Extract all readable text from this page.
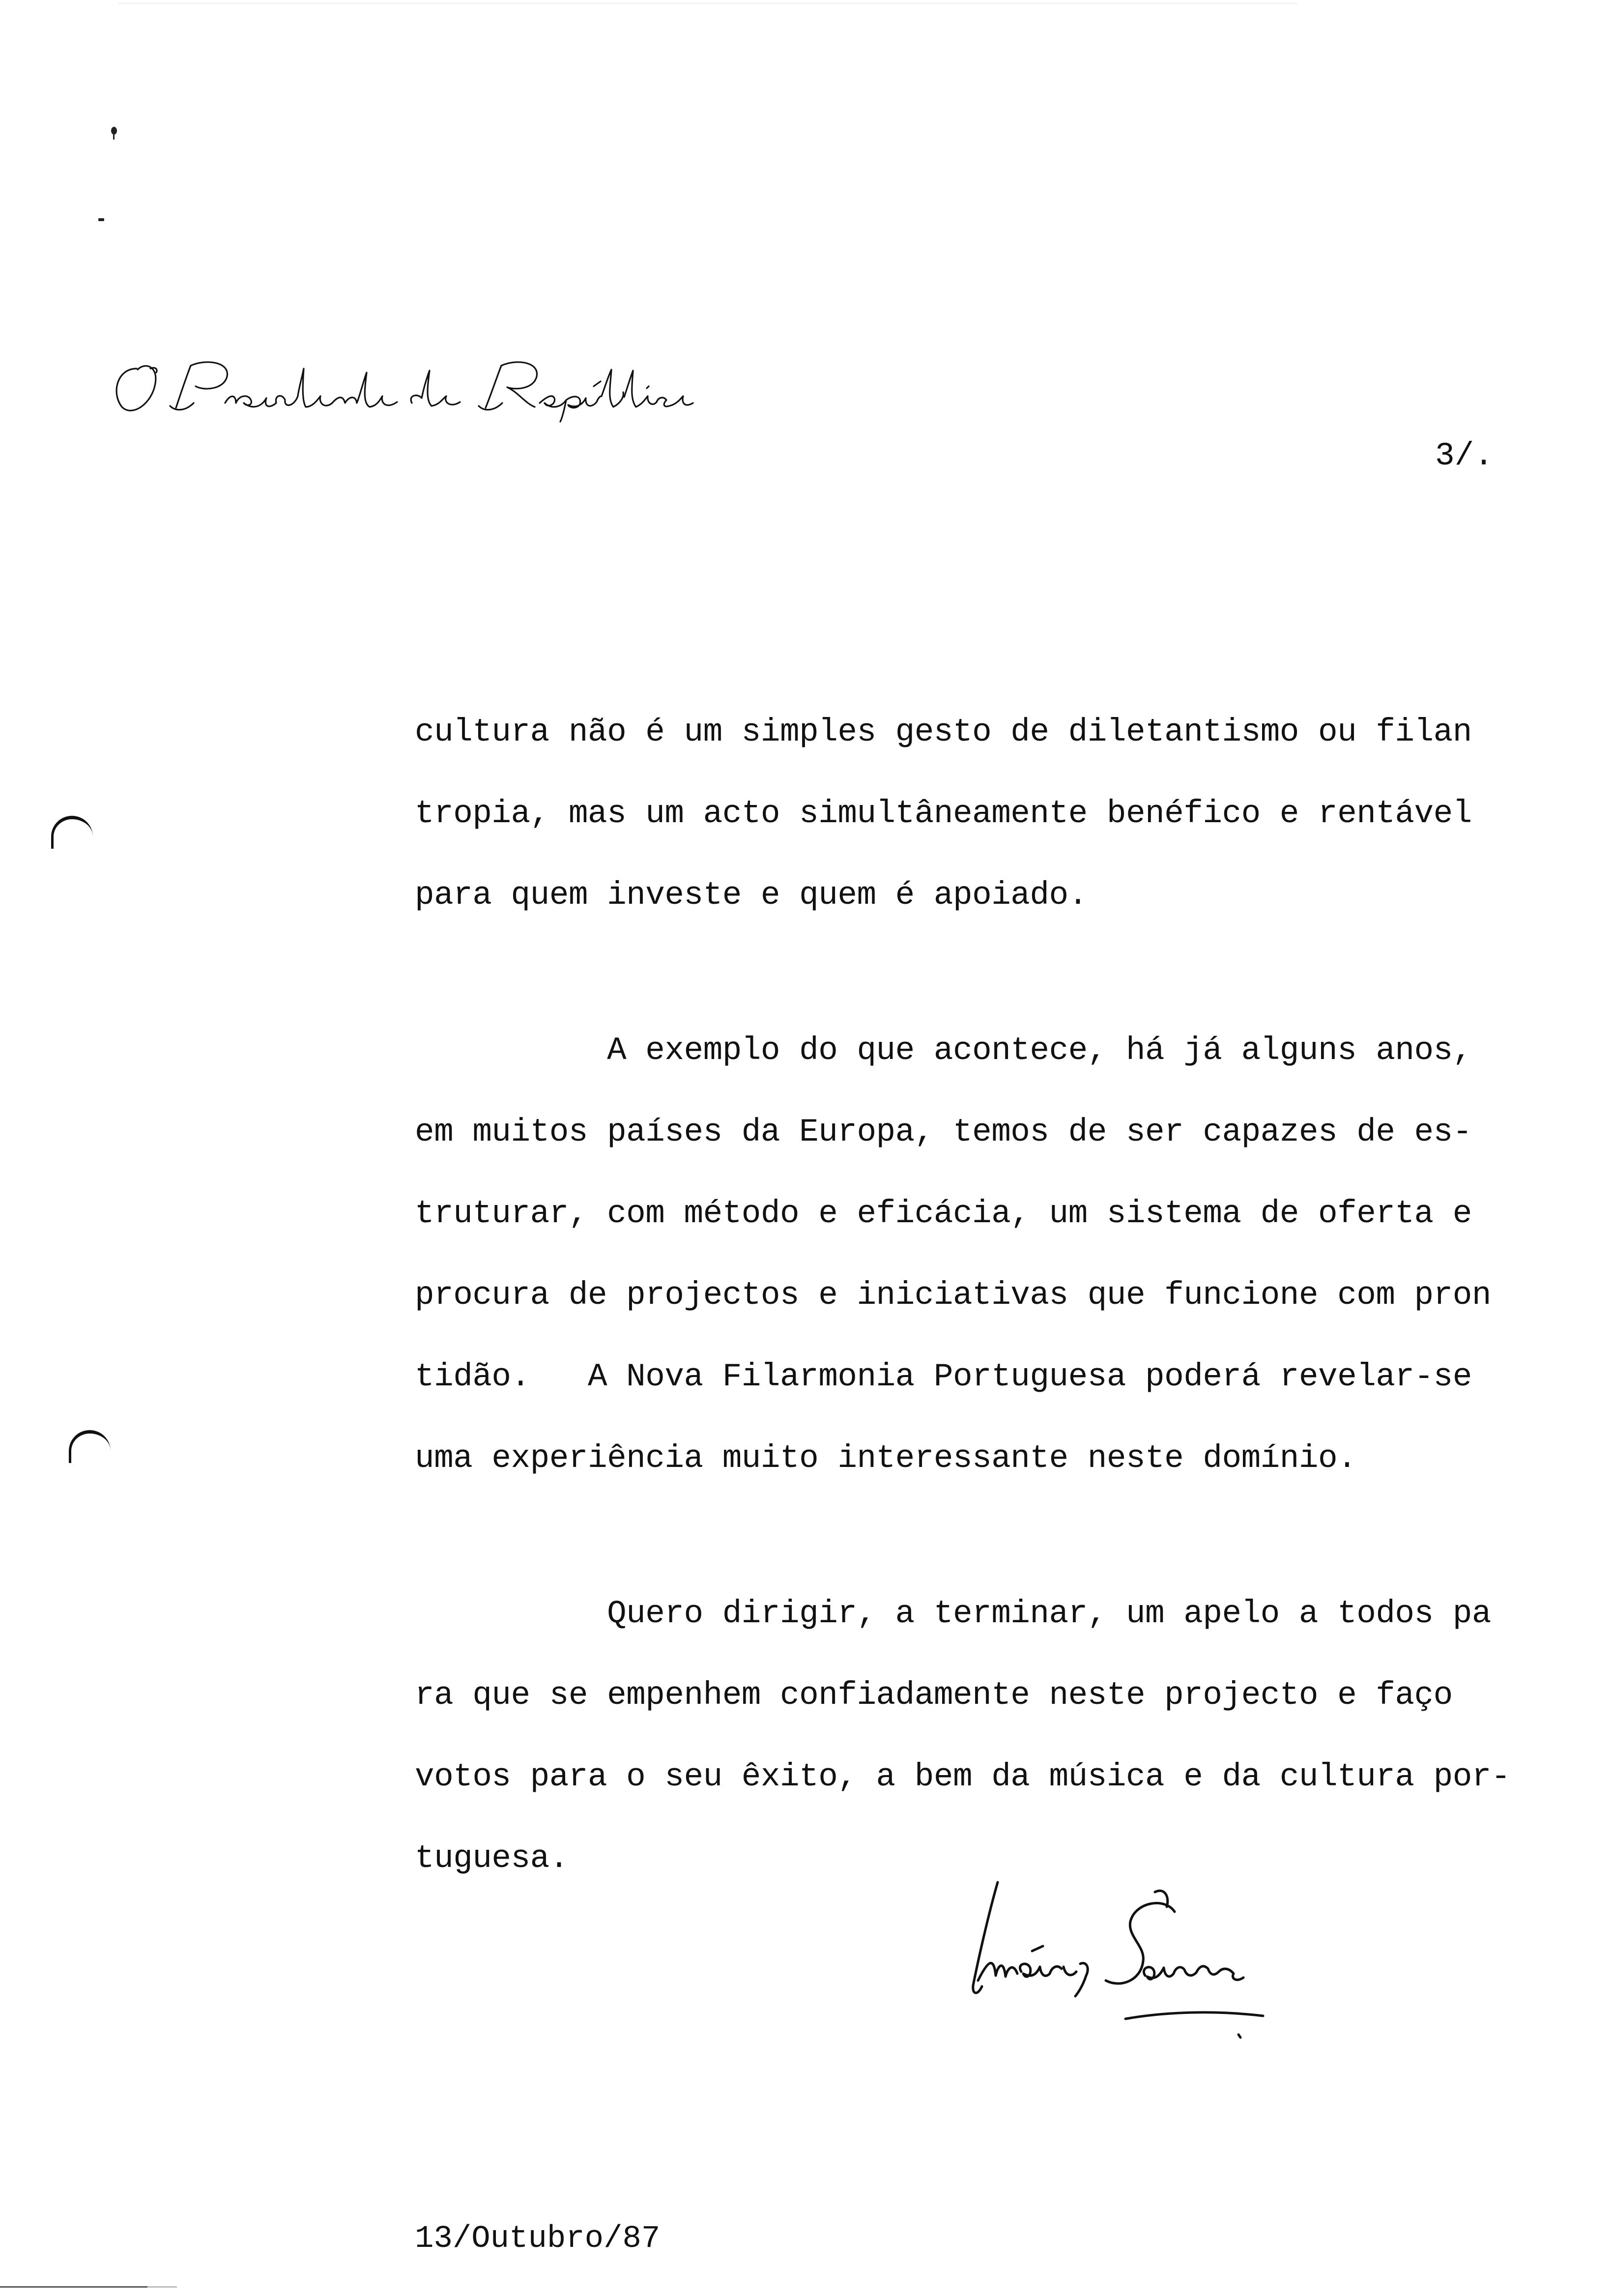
3/.
cultura não é um simples gesto de diletantismo ou filan
tropia, mas um acto simultâneamente benéfico e rentável
para quem investe e quem é apoiado.
A exemplo do que acontece, há já alguns anos,
em muitos países da Europa, temos de ser capazes de es-
truturar, com método e eficácia, um sistema de oferta e
procura de projectos e iniciativas que funcione com pron
tidão.   A Nova Filarmonia Portuguesa poderá revelar-se
uma experiência muito interessante neste domínio.
Quero dirigir, a terminar, um apelo a todos pa
ra que se empenhem confiadamente neste projecto e faço
votos para o seu êxito, a bem da música e da cultura por-
tuguesa.
13/Outubro/87
